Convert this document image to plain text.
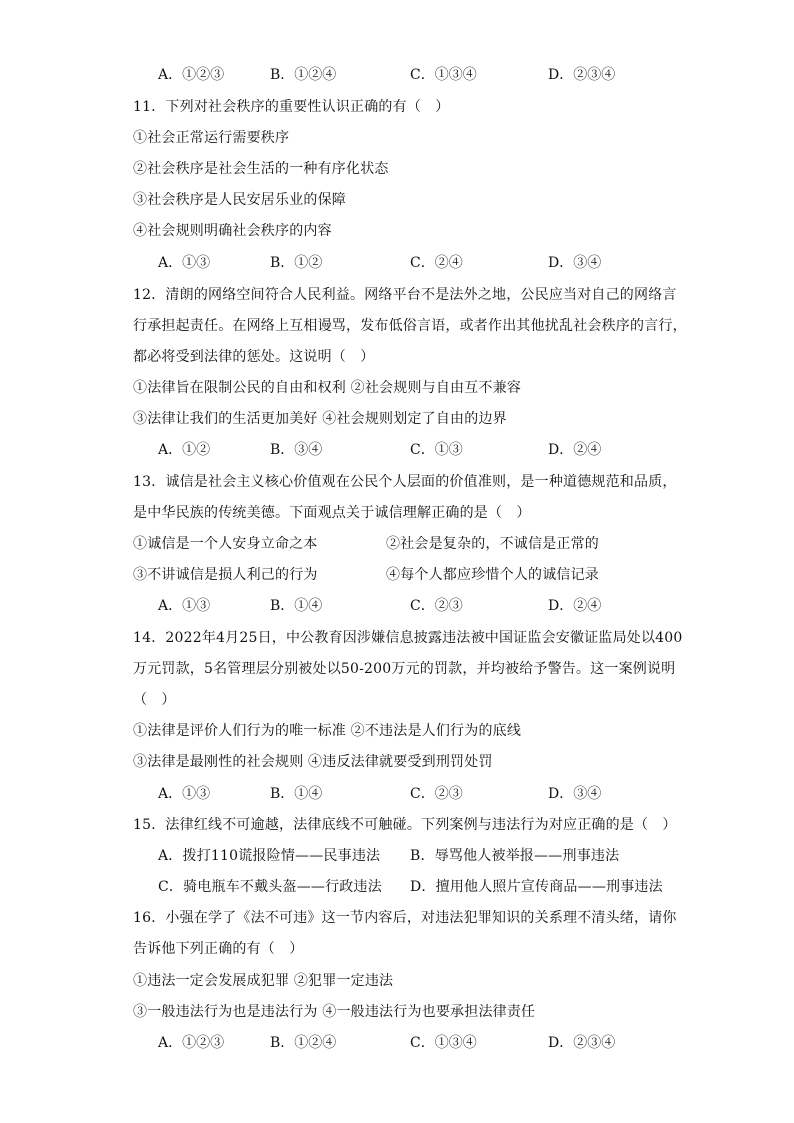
A．①②③	B．①②④	C．①③④	D．②③④
11．下列对社会秩序的重要性认识正确的有（　）
①社会正常运行需要秩序
②社会秩序是社会生活的一种有序化状态
③社会秩序是人民安居乐业的保障
④社会规则明确社会秩序的内容
A．①③	B．①②	C．②④	D．③④
12．清朗的网络空间符合人民利益。网络平台不是法外之地，公民应当对自己的网络言
行承担起责任。在网络上互相谩骂，发布低俗言语，或者作出其他扰乱社会秩序的言行，
都必将受到法律的惩处。这说明（　）
①法律旨在限制公民的自由和权利 ②社会规则与自由互不兼容
③法律让我们的生活更加美好 ④社会规则划定了自由的边界
A．①②	B．③④	C．①③	D．②④
13．诚信是社会主义核心价值观在公民个人层面的价值准则，是一种道德规范和品质，
是中华民族的传统美德。下面观点关于诚信理解正确的是（　）
①诚信是一个人安身立命之本	②社会是复杂的，不诚信是正常的
③不讲诚信是损人利己的行为	④每个人都应珍惜个人的诚信记录
A．①③	B．①④	C．②③	D．②④
14．2022年4月25日，中公教育因涉嫌信息披露违法被中国证监会安徽证监局处以400
万元罚款，5名管理层分别被处以50-200万元的罚款，并均被给予警告。这一案例说明
（　）
①法律是评价人们行为的唯一标准 ②不违法是人们行为的底线
③法律是最刚性的社会规则 ④违反法律就要受到刑罚处罚
A．①③	B．①④	C．②③	D．③④
15．法律红线不可逾越，法律底线不可触碰。下列案例与违法行为对应正确的是（　）
A．拨打110谎报险情——民事违法 B．辱骂他人被举报——刑事违法
C．骑电瓶车不戴头盔——行政违法 D．擅用他人照片宣传商品——刑事违法
16．小强在学了《法不可违》这一节内容后，对违法犯罪知识的关系理不清头绪，请你
告诉他下列正确的有（　）
①违法一定会发展成犯罪 ②犯罪一定违法
③一般违法行为也是违法行为 ④一般违法行为也要承担法律责任
A．①②③	B．①②④	C．①③④	D．②③④
